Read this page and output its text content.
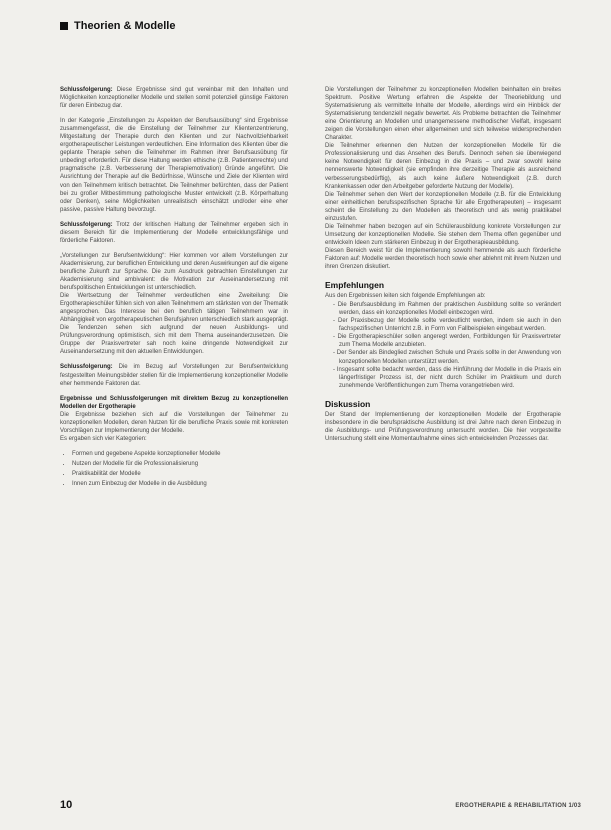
Theorien & Modelle

Schlussfolgerung: Diese Ergebnisse sind gut vereinbar mit den Inhalten und Möglichkeiten konzeptioneller Modelle und stellen somit potenziell günstige Faktoren für deren Einbezug dar.

In der Kategorie „Einstellungen zu Aspekten der Berufsausübung“ sind Ergebnisse zusammengefasst, die die Einstellung der Teilnehmer zur Klientenzentrierung, Mitgestaltung der Therapie durch den Klienten und zur Nachvollziehbarkeit ergotherapeutischer Leistungen verdeutlichen. Eine Information des Klienten über die geplante Therapie sehen die Teilnehmer im Rahmen ihrer Berufsausübung für unbedingt erforderlich. Für diese Haltung werden ethische (z.B. Patientenrechte) und pragmatische (z.B. Verbesserung der Therapiemotivation) Gründe angeführt. Die Ausrichtung der Therapie auf die Bedürfnisse, Wünsche und Ziele der Klienten wird von den Teilnehmern kritisch betrachtet. Die Teilnehmer befürchten, dass der Patient bei zu großer Mitbestimmung pathologische Muster entwickelt (z.B. Körperhaltung oder Denken), seine Möglichkeiten unrealistisch einschätzt und/oder eine eher passive, passive Haltung bevorzugt.

Schlussfolgerung: Trotz der kritischen Haltung der Teilnehmer ergeben sich in diesem Bereich für die Implementierung der Modelle entwicklungsfähige und förderliche Faktoren.

„Vorstellungen zur Berufsentwicklung“: Hier kommen vor allem Vorstellungen zur Akademisierung, zur beruflichen Entwicklung und deren Auswirkungen auf die eigene berufliche Zukunft zur Sprache. Die zum Ausdruck gebrachten Einstellungen zur Akademisierung sind ambivalent: die Motivation zur Auseinandersetzung mit berufspolitischen Entwicklungen ist unterschiedlich.
Die Wertsetzung der Teilnehmer verdeutlichen eine Zweiteilung: Die Ergotherapieschüler fühlen sich von allen Teilnehmern am stärksten von der Thematik angesprochen. Das Interesse bei den beruflich tätigen Teilnehmern war in Abhängigkeit von ergotherapeutischen Berufsjahren unterschiedlich stark ausgeprägt. Die Tendenzen sehen sich aufgrund der neuen Ausbildungs- und Prüfungsverordnung optimistisch, sich mit dem Thema auseinanderzusetzen. Die Gruppe der Praxisvertreter sah noch keine dringende Notwendigkeit zur Auseinandersetzung mit den aktuellen Entwicklungen.

Schlussfolgerung: Die im Bezug auf Vorstellungen zur Berufsentwicklung festgestellten Meinungsbilder stellen für die Implementierung konzeptioneller Modelle eher hemmende Faktoren dar.

Ergebnisse und Schlussfolgerungen mit direktem Bezug zu konzeptionellen Modellen der Ergotherapie

Die Ergebnisse beziehen sich auf die Vorstellungen der Teilnehmer zu konzeptionellen Modellen, deren Nutzen für die berufliche Praxis sowie mit konkreten Vorschlägen zur Implementierung der Modelle.
Es ergaben sich vier Kategorien:

• Formen und gegebene Aspekte konzeptioneller Modelle
• Nutzen der Modelle für die Professionalisierung
• Praktikabilität der Modelle
• Innen zum Einbezug der Modelle in die Ausbildung

Die Vorstellungen der Teilnehmer zu konzeptionellen Modellen beinhalten ein breites Spektrum. Positive Wertung erfahren die Aspekte der Theoriebildung und Systematisierung als vermittelte Inhalte der Modelle, allerdings wird ein Hinblick der Systematisierung tendenziell negativ bewertet. Als Probleme betrachten die Teilnehmer eine Orientierung an Modellen und unangemessene methodischer Vielfalt, insgesamt zeigen die Vorstellungen einen eher allgemeinen und sich teilweise widersprechenden Charakter.
Die Teilnehmer erkennen den Nutzen der konzeptionellen Modelle für die Professionalisierung und das Ansehen des Berufs. Dennoch sehen sie überwiegend keine Notwendigkeit für deren Einbezug in die Praxis – und zwar sowohl keine nennenswerte Notwendigkeit (sie empfinden ihre derzeitige Therapie als ausreichend verbesserungsbedürftig), als auch keine äußere Notwendigkeit (z.B. durch Krankenkassen oder den Arbeitgeber geforderte Nutzung der Modelle).
Die Teilnehmer sehen den Wert der konzeptionellen Modelle (z.B. für die Entwicklung einer einheitlichen berufsspezifischen Sprache für alle Ergotherapeuten) – insgesamt scheint die Einstellung zu den Modellen als theoretisch und als wenig praktikabel einzustufen.
Die Teilnehmer haben bezogen auf ein Schülerausbildung konkrete Vorstellungen zur Umsetzung der konzeptionellen Modelle. Sie stehen dem Thema offen gegenüber und entwickeln Ideen zum stärkeren Einbezug in der Ergotherapieausbildung.
Diesen Bereich weist für die Implementierung sowohl hemmende als auch förderliche Faktoren auf: Modelle werden theoretisch hoch sowie eher ablehnt mit ihrem Nutzen und ihren Grenzen diskutiert.

Empfehlungen

Aus den Ergebnissen leiten sich folgende Empfehlungen ab:

- Die Berufsausbildung im Rahmen der praktischen Ausbildung sollte so verändert werden, dass ein konzeptionelles Modell einbezogen wird.
- Der Praxisbezug der Modelle sollte verdeutlicht werden, indem sie auch in den fachspezifischen Unterricht z.B. in Form von Fallbeispielen eingebaut werden.
- Die Ergotherapieschüler sollen angeregt werden, Fortbildungen für Praxisvertreter zum Thema Modelle anzubieten.
- Der Sender als Bindeglied zwischen Schule und Praxis sollte in der Anwendung von konzeptionellen Modellen unterstützt werden.
- Insgesamt sollte bedacht werden, dass die Hinführung der Modelle in die Praxis ein längerfristiger Prozess ist, der nicht durch Schüler im Praktikum und durch zunehmende Veröffentlichungen zum Thema vorangetrieben wird.
Diskussion

Der Stand der Implementierung der konzeptionellen Modelle der Ergotherapie insbesondere in die berufspraktische Ausbildung ist drei Jahre nach deren Einbezug in die Ausbildungs- und Prüfungsverordnung untersucht worden. Die hier vorgestellte Untersuchung stellt eine Momentaufnahme eines sich entwickelnden Prozesses dar.

10	ERGOTHERAPIE & REHABILITATION 1/03
